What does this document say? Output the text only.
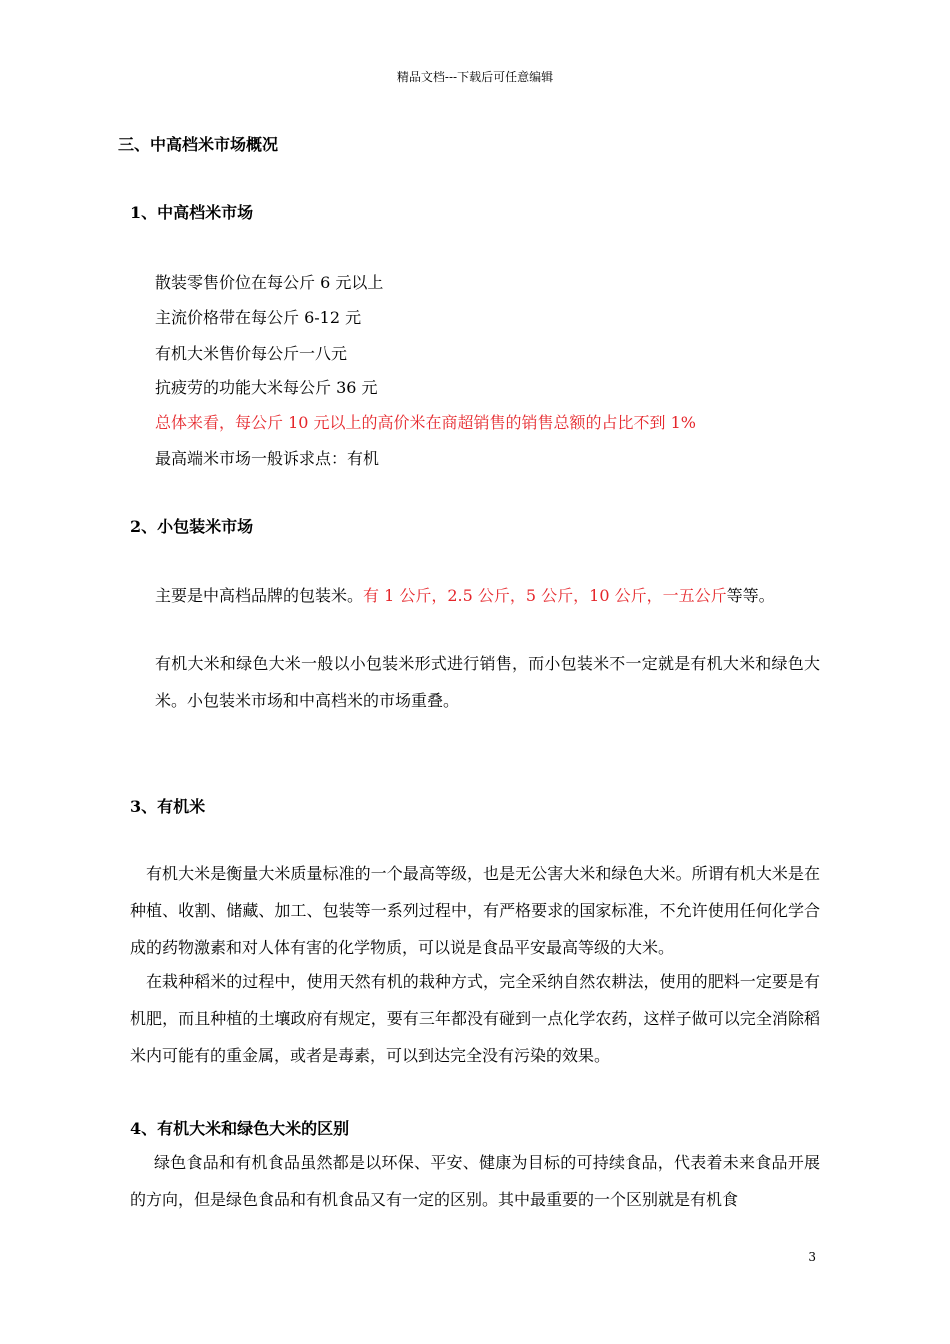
精品文档---下载后可任意编辑
三、中高档米市场概况
1、中高档米市场
散装零售价位在每公斤 6 元以上
主流价格带在每公斤 6-12 元
有机大米售价每公斤一八元
抗疲劳的功能大米每公斤 36 元
总体来看，每公斤 10 元以上的高价米在商超销售的销售总额的占比不到 1%
最高端米市场一般诉求点：有机
2、小包装米市场
主要是中高档品牌的包装米。有 1 公斤，2.5 公斤，5 公斤，10 公斤，一五公斤等等。
有机大米和绿色大米一般以小包装米形式进行销售，而小包装米不一定就是有机大米和绿色大米。小包装米市场和中高档米的市场重叠。
3、有机米
有机大米是衡量大米质量标准的一个最高等级，也是无公害大米和绿色大米。所谓有机大米是在种植、收割、储藏、加工、包装等一系列过程中，有严格要求的国家标准，不允许使用任何化学合成的药物激素和对人体有害的化学物质，可以说是食品平安最高等级的大米。
在栽种稻米的过程中，使用天然有机的栽种方式，完全采纳自然农耕法，使用的肥料一定要是有机肥，而且种植的土壤政府有规定，要有三年都没有碰到一点化学农药，这样子做可以完全消除稻米内可能有的重金属，或者是毒素，可以到达完全没有污染的效果。
4、有机大米和绿色大米的区别
绿色食品和有机食品虽然都是以环保、平安、健康为目标的可持续食品，代表着未来食品开展的方向，但是绿色食品和有机食品又有一定的区别。其中最重要的一个区别就是有机食
3
